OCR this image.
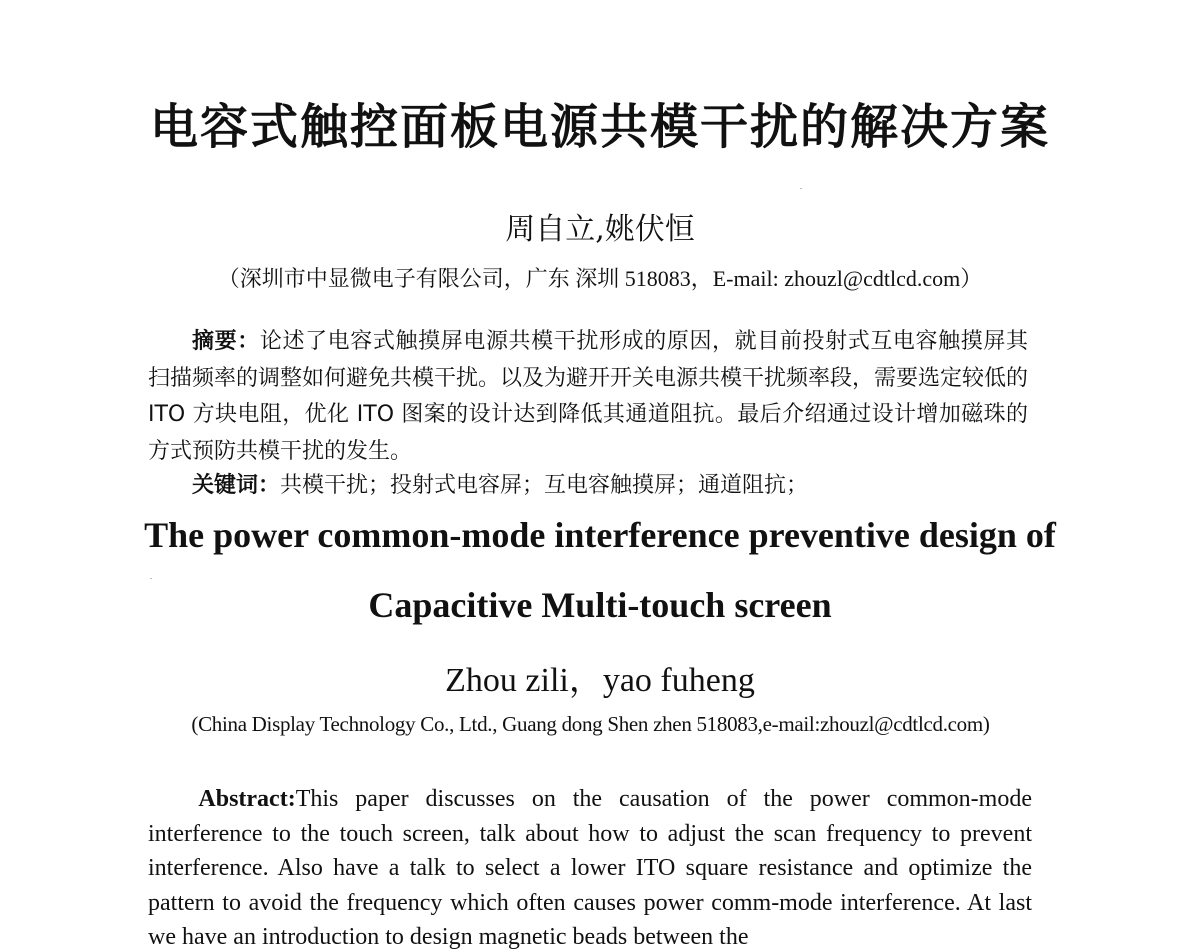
电容式触控面板电源共模干扰的解决方案
周自立,姚伏恒
（深圳市中显微电子有限公司，广东 深圳 518083，E-mail: zhouzl@cdtlcd.com）

摘要：论述了电容式触摸屏电源共模干扰形成的原因，就目前投射式互电容触摸屏其扫描频率的调整如何避免共模干扰。以及为避开开关电源共模干扰频率段，需要选定较低的 ITO 方块电阻，优化 ITO 图案的设计达到降低其通道阻抗。最后介绍通过设计增加磁珠的方式预防共模干扰的发生。

关键词：共模干扰；投射式电容屏；互电容触摸屏；通道阻抗；

The power common-mode interference preventive design of
Capacitive Multi-touch screen
Zhou zili，yao fuheng
(China Display Technology Co., Ltd., Guang dong Shen zhen 518083,e-mail:zhouzl@cdtlcd.com)

Abstract:This paper discusses on the causation of the power common-mode interference to the touch screen, talk about how to adjust the scan frequency to prevent interference. Also have a talk to select a lower ITO square resistance and optimize the pattern to avoid the frequency which often causes power comm-mode interference. At last we have an introduction to design magnetic beads between the
